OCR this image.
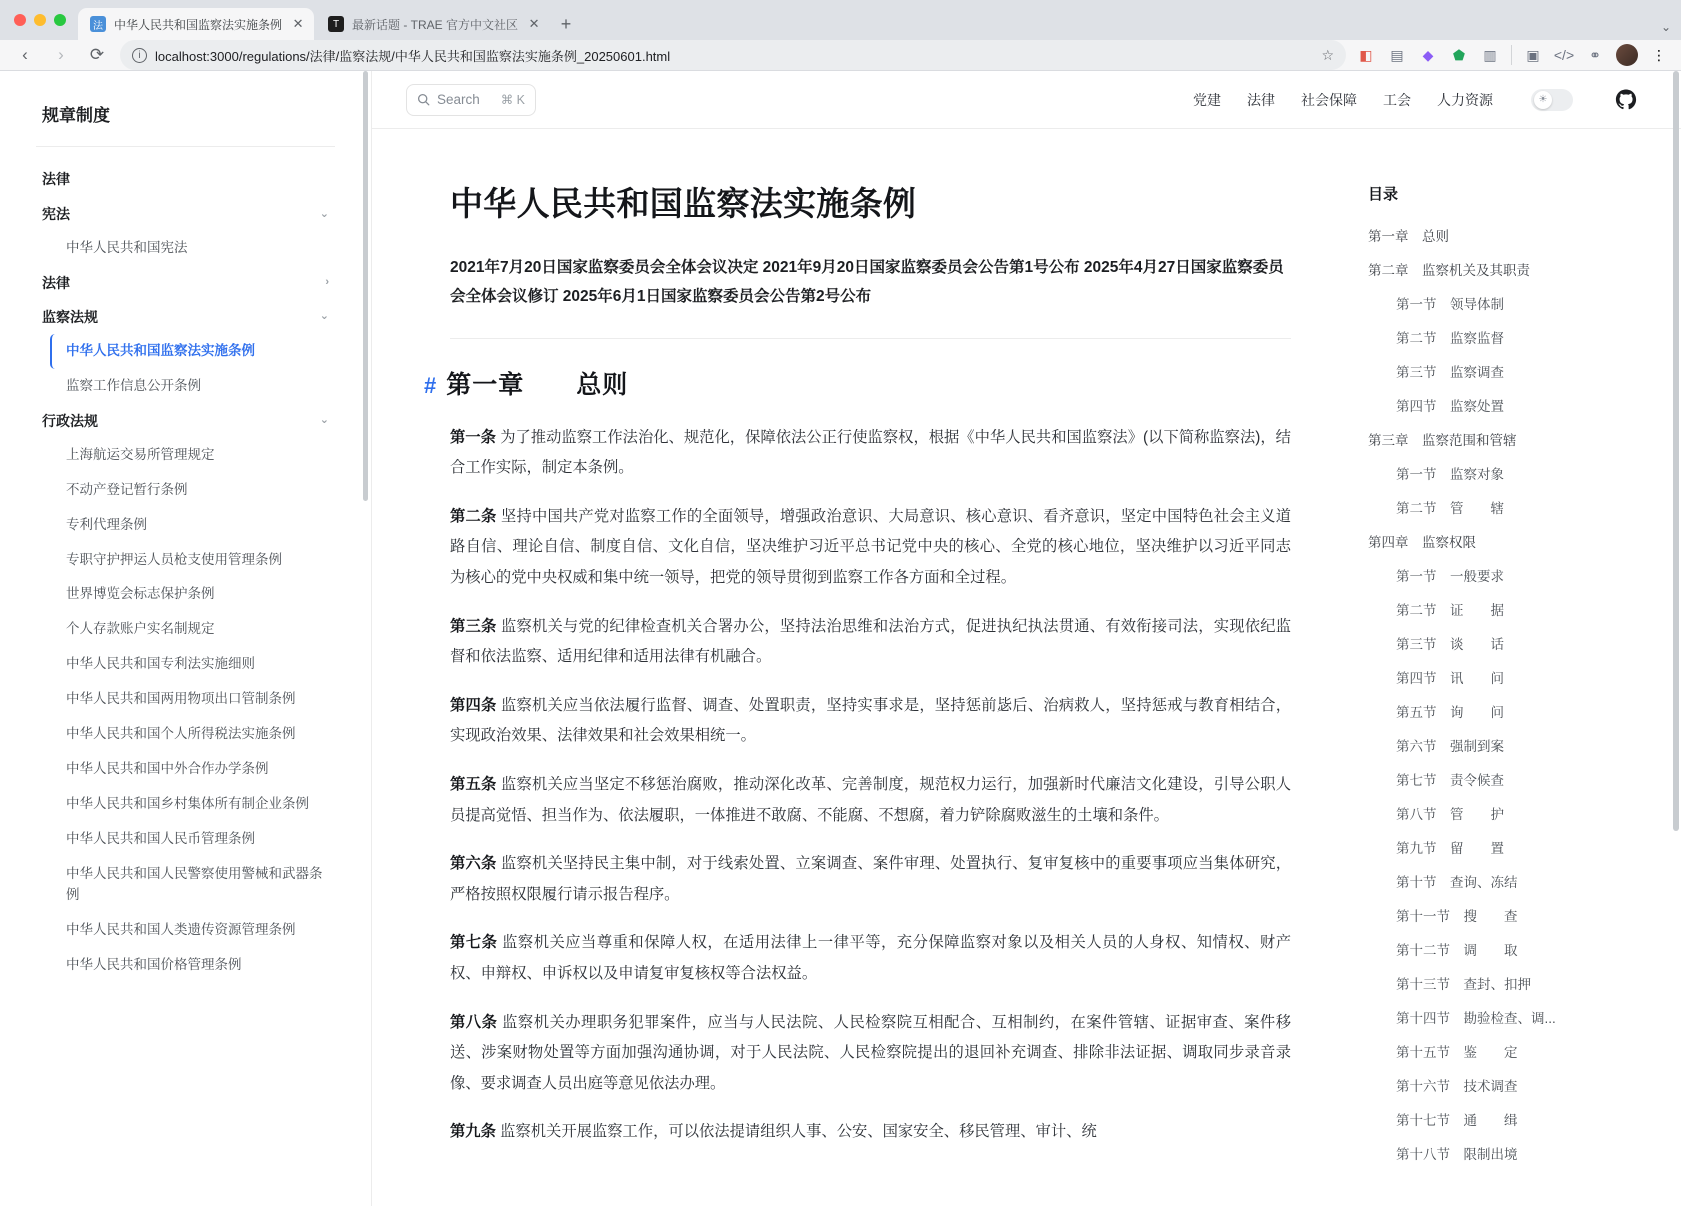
法 中华人民共和国监察法实施条例 ✕	T	最新话题 - TRAE 官方中文社区 ✕	+	⌄
‹	›	⟳	i	localhost:3000/regulations/法律/监察法规/中华人民共和国监察法实施条例_20250601.html	☆ ◧ ▤	◆	⬟ ▥ ▣ </> ⚭	⋮
规章制度
法律
宪法	⌄
中华人民共和国宪法
法律	›
监察法规	⌄
中华人民共和国监察法实施条例
监察工作信息公开条例
行政法规	⌄
上海航运交易所管理规定
不动产登记暂行条例
专利代理条例
专职守护押运人员枪支使用管理条例
世界博览会标志保护条例
个人存款账户实名制规定
中华人民共和国专利法实施细则
中华人民共和国两用物项出口管制条例
中华人民共和国个人所得税法实施条例
中华人民共和国中外合作办学条例
中华人民共和国乡村集体所有制企业条例
中华人民共和国人民币管理条例
中华人民共和国人民警察使用警械和武器条例
中华人民共和国人类遗传资源管理条例
中华人民共和国价格管理条例
Search ⌘ K	党建 法律 社会保障 工会 人力资源	☀
中华人民共和国监察法实施条例
2021年7月20日国家监察委员会全体会议决定 2021年9月20日国家监察委员会公告第1号公布 2025年4月27日国家监察委员会全体会议修订 2025年6月1日国家监察委员会公告第2号公布
# 第一章　　总则

第一条 为了推动监察工作法治化、规范化，保障依法公正行使监察权，根据《中华人民共和国监察法》(以下简称监察法)，结合工作实际，制定本条例。

第二条 坚持中国共产党对监察工作的全面领导，增强政治意识、大局意识、核心意识、看齐意识，坚定中国特色社会主义道路自信、理论自信、制度自信、文化自信，坚决维护习近平总书记党中央的核心、全党的核心地位，坚决维护以习近平同志为核心的党中央权威和集中统一领导，把党的领导贯彻到监察工作各方面和全过程。

第三条 监察机关与党的纪律检查机关合署办公，坚持法治思维和法治方式，促进执纪执法贯通、有效衔接司法，实现依纪监督和依法监察、适用纪律和适用法律有机融合。

第四条 监察机关应当依法履行监督、调查、处置职责，坚持实事求是，坚持惩前毖后、治病救人，坚持惩戒与教育相结合，实现政治效果、法律效果和社会效果相统一。

第五条 监察机关应当坚定不移惩治腐败，推动深化改革、完善制度，规范权力运行，加强新时代廉洁文化建设，引导公职人员提高觉悟、担当作为、依法履职，一体推进不敢腐、不能腐、不想腐，着力铲除腐败滋生的土壤和条件。

第六条 监察机关坚持民主集中制，对于线索处置、立案调查、案件审理、处置执行、复审复核中的重要事项应当集体研究，严格按照权限履行请示报告程序。

第七条 监察机关应当尊重和保障人权，在适用法律上一律平等，充分保障监察对象以及相关人员的人身权、知情权、财产权、申辩权、申诉权以及申请复审复核权等合法权益。

第八条 监察机关办理职务犯罪案件，应当与人民法院、人民检察院互相配合、互相制约，在案件管辖、证据审查、案件移送、涉案财物处置等方面加强沟通协调，对于人民法院、人民检察院提出的退回补充调查、排除非法证据、调取同步录音录像、要求调查人员出庭等意见依法办理。

第九条 监察机关开展监察工作，可以依法提请组织人事、公安、国家安全、移民管理、审计、统

目录
第一章　总则
第二章　监察机关及其职责
第一节　领导体制
第二节　监察监督
第三节　监察调查
第四节　监察处置
第三章　监察范围和管辖
第一节　监察对象
第二节　管　　辖
第四章　监察权限
第一节　一般要求
第二节　证　　据
第三节　谈　　话
第四节　讯　　问
第五节　询　　问
第六节　强制到案
第七节　责令候查
第八节　管　　护
第九节　留　　置
第十节　查询、冻结
第十一节　搜　　查
第十二节　调　　取
第十三节　查封、扣押
第十四节　勘验检查、调...
第十五节　鉴　　定
第十六节　技术调查
第十七节　通　　缉
第十八节　限制出境
